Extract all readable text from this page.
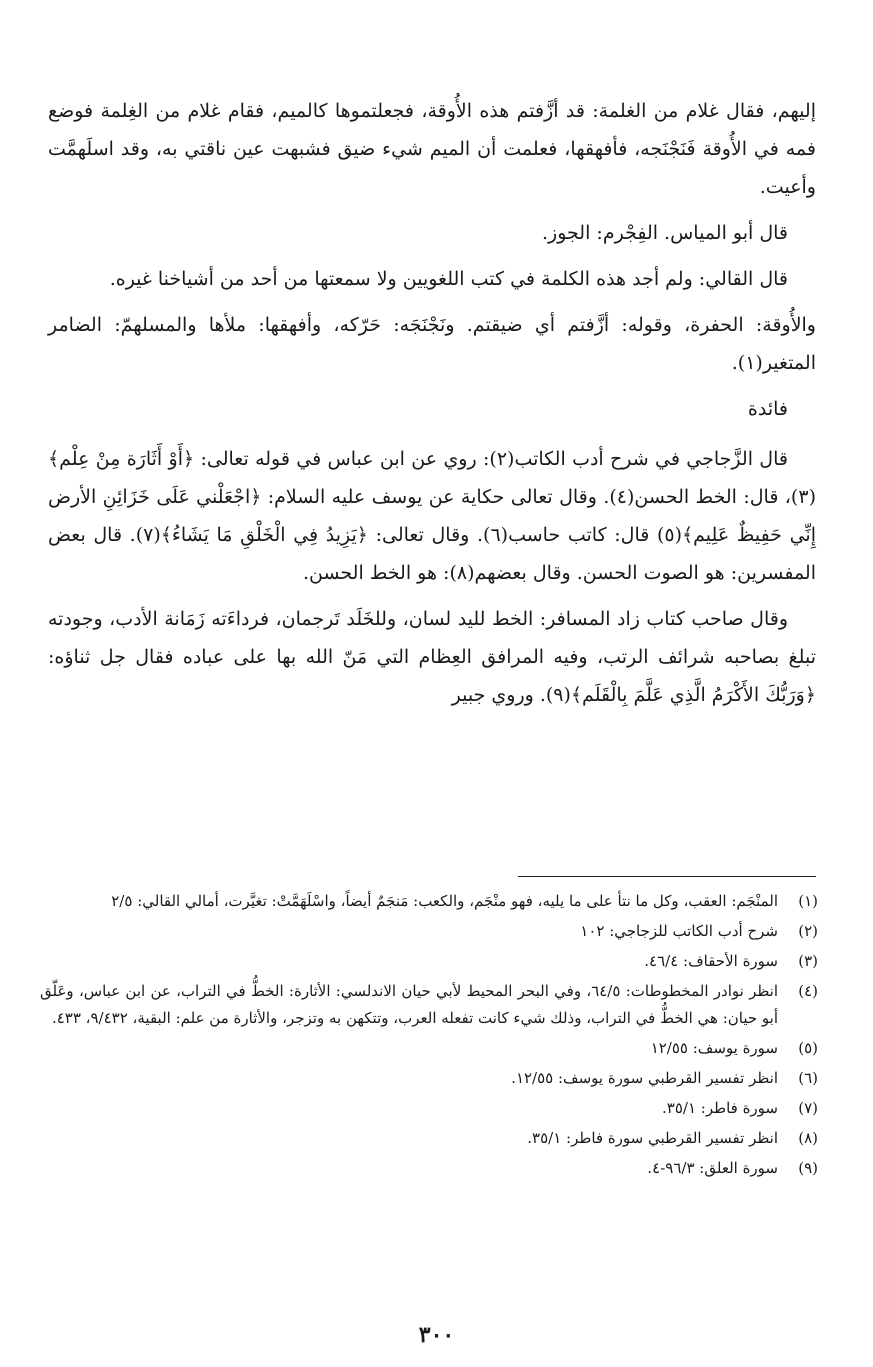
إليهم، فقال غلام من الغلمة: قد أزَّفتم هذه الأُوقة، فجعلتموها كالميم، فقام غلام من الغِلمة فوضع فمه في الأُوقة فَنَجْنَجه، فأفهقها، فعلمت أن الميم شيء ضيق فشبهت عين ناقتي به، وقد اسلَهمَّت وأعيت.

قال أبو المياس. الفِجْرم: الجوز.

قال القالي: ولم أجد هذه الكلمة في كتب اللغويين ولا سمعتها من أحد من أشياخنا غيره.

والأُوقة: الحفرة، وقوله: أزَّفتم أي ضيقتم. ونَجْنَجَه: حَرّكه، وأفهقها: ملأها والمسلهمّ: الضامر المتغير(١).

فائدة

قال الزَّجاجي في شرح أدب الكاتب(٢): روي عن ابن عباس في قوله تعالى: ﴿أَوْ أَثَارَة مِنْ عِلْم﴾(٣)، قال: الخط الحسن(٤). وقال تعالى حكاية عن يوسف عليه السلام: ﴿اجْعَلْني عَلَى خَزَائِنِ الأرض إِنِّي حَفِيظٌ عَلِيم﴾(٥) قال: كاتب حاسب(٦). وقال تعالى: ﴿يَزِيدُ فِي الْخَلْقِ مَا يَشَاءُ﴾(٧). قال بعض المفسرين: هو الصوت الحسن. وقال بعضهم(٨): هو الخط الحسن.

وقال صاحب كتاب زاد المسافر: الخط لليد لسان، وللخَلَد تَرجمان، فرداءَته زَمَانة الأدب، وجودته تبلغ بصاحبه شرائف الرتب، وفيه المرافق العِظام التي مَنّ الله بها على عباده فقال جل ثناؤه: ﴿وَرَبُّكَ الأَكْرَمُ الَّذِي عَلَّمَ بِالْقَلَم﴾(٩). وروي جبير

(١)
المنْجَم: العقب، وكل ما نتأ على ما يليه، فهو منْجَم، والكعب: مَنجَمٌ أيضاً، واسْلَهَمَّتْ: تغيَّرت، أمالي القالي: ٢/٥
(٢)
شرح أدب الكاتب للزجاجي: ١٠٢
(٣)
سورة الأحقاف: ٤٦/٤.
(٤)
انظر نوادر المخطوطات: ٦٤/٥، وفي البحر المحيط لأبي حيان الاندلسي: الأثارة: الخطُّ في التراب، عن ابن عباس، وعَلّق أبو حيان: هي الخطُّ في التراب، وذلك شيء كانت تفعله العرب، وتتكهن به وتزجر، والأثارة من علم: البقية، ٩/٤٣٢، ٤٣٣.
(٥)
سورة يوسف: ١٢/٥٥
(٦)
انظر تفسير القرطبي سورة يوسف: ١٢/٥٥.
(٧)
سورة فاطر: ٣٥/١.
(٨)
انظر تفسير القرطبي سورة فاطر: ٣٥/١.
(٩)
سورة العلق: ٩٦/٣-٤.
٣٠٠
